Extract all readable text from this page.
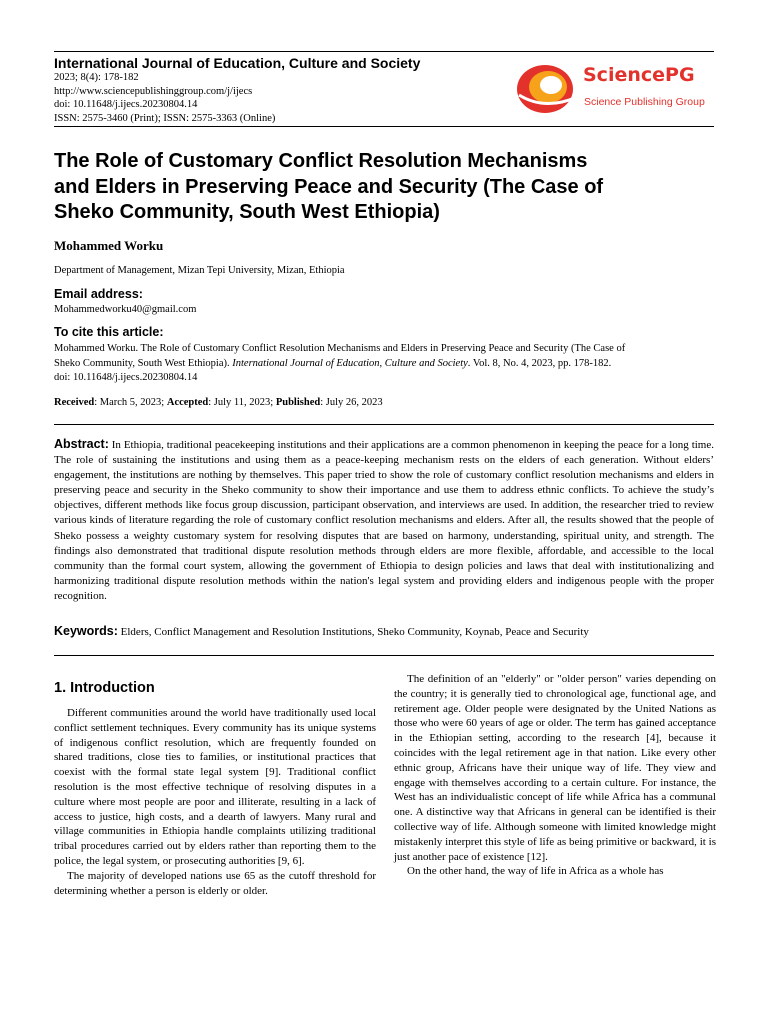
International Journal of Education, Culture and Society
2023; 8(4): 178-182
http://www.sciencepublishinggroup.com/j/ijecs
doi: 10.11648/j.ijecs.20230804.14
ISSN: 2575-3460 (Print); ISSN: 2575-3363 (Online)
SciencePG
Science Publishing Group
The Role of Customary Conflict Resolution Mechanisms
and Elders in Preserving Peace and Security (The Case of
Sheko Community, South West Ethiopia)
Mohammed Worku
Department of Management, Mizan Tepi University, Mizan, Ethiopia
Email address:
Mohammedworku40@gmail.com
To cite this article:
Mohammed Worku. The Role of Customary Conflict Resolution Mechanisms and Elders in Preserving Peace and Security (The Case of
Sheko Community, South West Ethiopia). International Journal of Education, Culture and Society. Vol. 8, No. 4, 2023, pp. 178-182.
doi: 10.11648/j.ijecs.20230804.14
Received: March 5, 2023; Accepted: July 11, 2023; Published: July 26, 2023
Abstract: In Ethiopia, traditional peacekeeping institutions and their applications are a common phenomenon in keeping the peace for a long time. The role of sustaining the institutions and using them as a peace-keeping mechanism rests on the elders of each generation. Without elders’ engagement, the institutions are nothing by themselves. This paper tried to show the role of customary conflict resolution mechanisms and elders in preserving peace and security in the Sheko community to show their importance and use them to address ethnic conflicts. To achieve the study’s objectives, different methods like focus group discussion, participant observation, and interviews are used. In addition, the researcher tried to review various kinds of literature regarding the role of customary conflict resolution mechanisms and elders. After all, the results showed that the people of Sheko possess a weighty customary system for resolving disputes that are based on harmony, understanding, spiritual unity, and strength. The findings also demonstrated that traditional dispute resolution methods through elders are more flexible, affordable, and accessible to the local community than the formal court system, allowing the government of Ethiopia to design policies and laws that deal with institutionalizing and harmonizing traditional dispute resolution methods within the nation's legal system and providing elders and indigenous people with the proper recognition.
Keywords: Elders, Conflict Management and Resolution Institutions, Sheko Community, Koynab, Peace and Security
1. Introduction

Different communities around the world have traditionally used local conflict settlement techniques. Every community has its unique systems of indigenous conflict resolution, which are frequently founded on shared traditions, close ties to families, or institutional practices that coexist with the formal state legal system [9]. Traditional conflict resolution is the most effective technique of resolving disputes in a culture where most people are poor and illiterate, resulting in a lack of access to justice, high costs, and a dearth of lawyers. Many rural and village communities in Ethiopia handle complaints utilizing traditional tribal procedures carried out by elders rather than reporting them to the police, the legal system, or prosecuting authorities [9, 6].

The majority of developed nations use 65 as the cutoff threshold for determining whether a person is elderly or older.

The definition of an "elderly" or "older person" varies depending on the country; it is generally tied to chronological age, functional age, and retirement age. Older people were designated by the United Nations as those who were 60 years of age or older. The term has gained acceptance in the Ethiopian setting, according to the research [4], because it coincides with the legal retirement age in that nation. Like every other ethnic group, Africans have their unique way of life. They view and engage with themselves according to a certain culture. For instance, the West has an individualistic concept of life while Africa has a communal one. A distinctive way that Africans in general can be identified is their collective way of life. Although someone with limited knowledge might mistakenly interpret this style of life as being primitive or backward, it is just another pace of existence [12].

On the other hand, the way of life in Africa as a whole has
